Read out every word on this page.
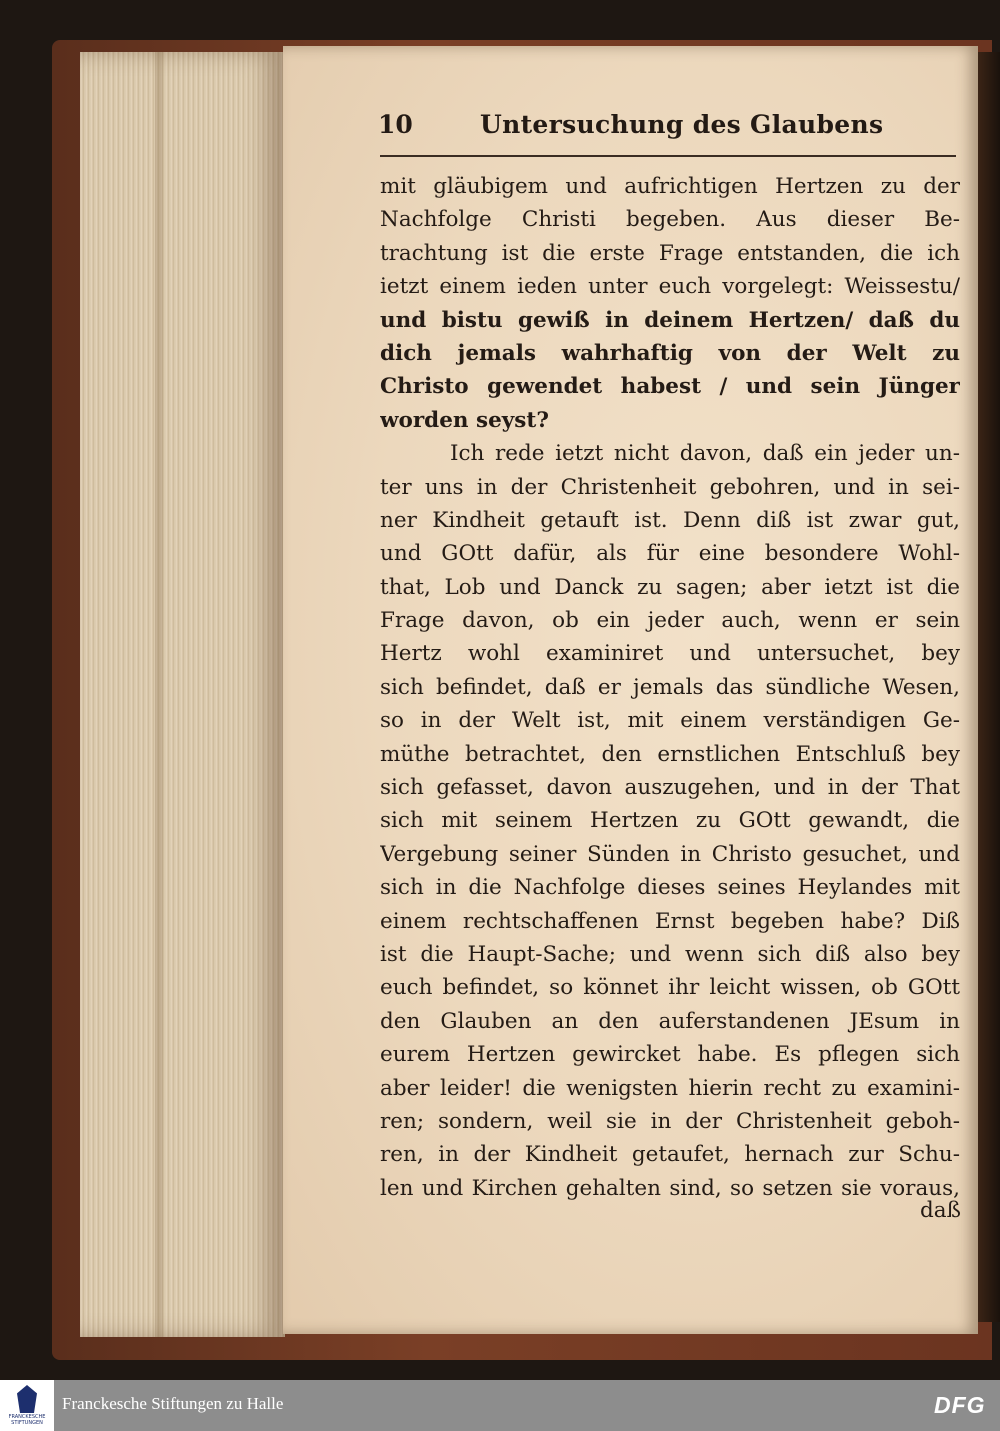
10	Untersuchung des Glaubens
mit gläubigem und aufrichtigen Hertzen zu der
Nachfolge Christi begeben. Aus dieser Be-
trachtung ist die erste Frage entstanden, die ich
ietzt einem ieden unter euch vorgelegt: Weissestu/
und bistu gewiß in deinem Hertzen/ daß du
dich jemals wahrhaftig von der Welt zu
Christo gewendet habest / und sein Jünger
worden seyst?
Ich rede ietzt nicht davon, daß ein jeder un-
ter uns in der Christenheit gebohren, und in sei-
ner Kindheit getauft ist. Denn diß ist zwar gut,
und GOtt dafür, als für eine besondere Wohl-
that, Lob und Danck zu sagen; aber ietzt ist die
Frage davon, ob ein jeder auch, wenn er sein
Hertz wohl examiniret und untersuchet, bey
sich befindet, daß er jemals das sündliche Wesen,
so in der Welt ist, mit einem verständigen Ge-
müthe betrachtet, den ernstlichen Entschluß bey
sich gefasset, davon auszugehen, und in der That
sich mit seinem Hertzen zu GOtt gewandt, die
Vergebung seiner Sünden in Christo gesuchet, und
sich in die Nachfolge dieses seines Heylandes mit
einem rechtschaffenen Ernst begeben habe? Diß
ist die Haupt-Sache; und wenn sich diß also bey
euch befindet, so könnet ihr leicht wissen, ob GOtt
den Glauben an den auferstandenen JEsum in
eurem Hertzen gewircket habe. Es pflegen sich
aber leider! die wenigsten hierin recht zu examini-
ren; sondern, weil sie in der Christenheit geboh-
ren, in der Kindheit getaufet, hernach zur Schu-
len und Kirchen gehalten sind, so setzen sie voraus,
daß
FRANCKESCHE STIFTUNGEN
Franckesche Stiftungen zu Halle	DFG
